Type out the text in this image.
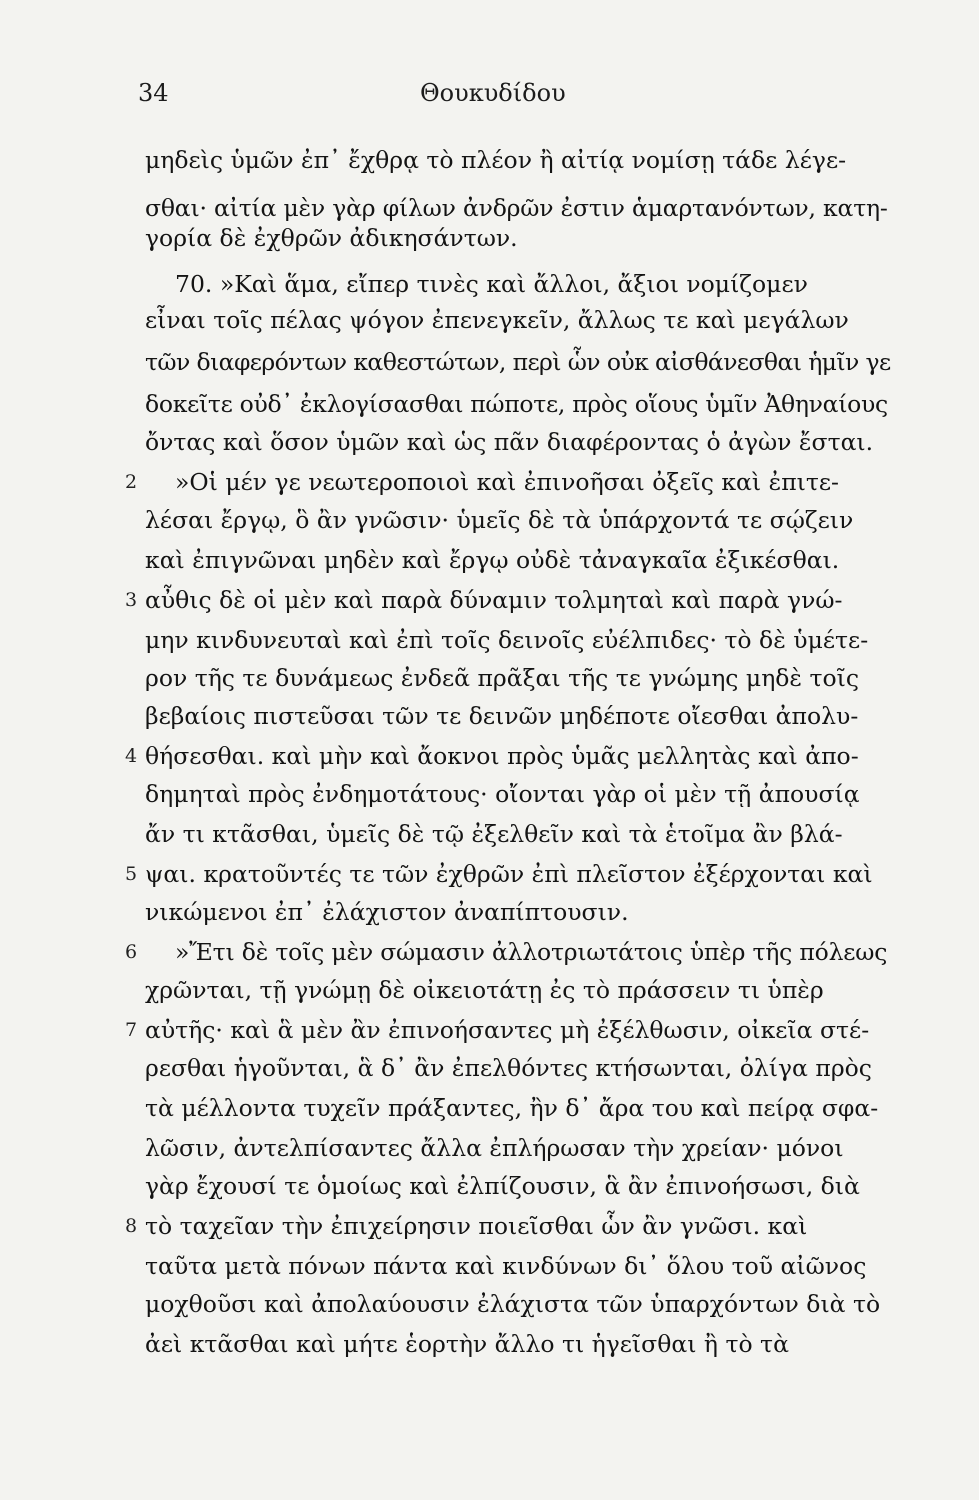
34	Θουκυδίδου
μηδεὶς ὑμῶν ἐπ᾽ ἔχθρᾳ τὸ πλέον ἢ αἰτίᾳ νομίσῃ τάδε λέγε-
σθαι· αἰτία μὲν γὰρ φίλων ἀνδρῶν ἐστιν ἁμαρτανόντων, κατη-
γορία δὲ ἐχθρῶν ἀδικησάντων.
70. »Καὶ ἅμα, εἴπερ τινὲς καὶ ἄλλοι, ἄξιοι νομίζομεν
εἶναι τοῖς πέλας ψόγον ἐπενεγκεῖν, ἄλλως τε καὶ μεγάλων
τῶν διαφερόντων καθεστώτων, περὶ ὧν οὐκ αἰσθάνεσθαι ἡμῖν γε
δοκεῖτε οὐδ᾽ ἐκλογίσασθαι πώποτε, πρὸς οἵους ὑμῖν Ἀθηναίους
ὄντας καὶ ὅσον ὑμῶν καὶ ὡς πᾶν διαφέροντας ὁ ἀγὼν ἔσται.
»Οἱ μέν γε νεωτεροποιοὶ καὶ ἐπινοῆσαι ὀξεῖς καὶ ἐπιτε-
λέσαι ἔργῳ, ὃ ἂν γνῶσιν· ὑμεῖς δὲ τὰ ὑπάρχοντά τε σῴζειν
καὶ ἐπιγνῶναι μηδὲν καὶ ἔργῳ οὐδὲ τἀναγκαῖα ἐξικέσθαι.
αὖθις δὲ οἱ μὲν καὶ παρὰ δύναμιν τολμηταὶ καὶ παρὰ γνώ-
μην κινδυνευταὶ καὶ ἐπὶ τοῖς δεινοῖς εὐέλπιδες· τὸ δὲ ὑμέτε-
ρον τῆς τε δυνάμεως ἐνδεᾶ πρᾶξαι τῆς τε γνώμης μηδὲ τοῖς
βεβαίοις πιστεῦσαι τῶν τε δεινῶν μηδέποτε οἴεσθαι ἀπολυ-
θήσεσθαι. καὶ μὴν καὶ ἄοκνοι πρὸς ὑμᾶς μελλητὰς καὶ ἀπο-
δημηταὶ πρὸς ἐνδημοτάτους· οἴονται γὰρ οἱ μὲν τῇ ἀπουσίᾳ
ἄν τι κτᾶσθαι, ὑμεῖς δὲ τῷ ἐξελθεῖν καὶ τὰ ἑτοῖμα ἂν βλά-
ψαι. κρατοῦντές τε τῶν ἐχθρῶν ἐπὶ πλεῖστον ἐξέρχονται καὶ
νικώμενοι ἐπ᾽ ἐλάχιστον ἀναπίπτουσιν.
»Ἔτι δὲ τοῖς μὲν σώμασιν ἀλλοτριωτάτοις ὑπὲρ τῆς πόλεως
χρῶνται, τῇ γνώμῃ δὲ οἰκειοτάτῃ ἐς τὸ πράσσειν τι ὑπὲρ
αὐτῆς· καὶ ἃ μὲν ἂν ἐπινοήσαντες μὴ ἐξέλθωσιν, οἰκεῖα στέ-
ρεσθαι ἡγοῦνται, ἃ δ᾽ ἂν ἐπελθόντες κτήσωνται, ὀλίγα πρὸς
τὰ μέλλοντα τυχεῖν πράξαντες, ἢν δ᾽ ἄρα του καὶ πείρᾳ σφα-
λῶσιν, ἀντελπίσαντες ἄλλα ἐπλήρωσαν τὴν χρείαν· μόνοι
γὰρ ἔχουσί τε ὁμοίως καὶ ἐλπίζουσιν, ἃ ἂν ἐπινοήσωσι, διὰ
τὸ ταχεῖαν τὴν ἐπιχείρησιν ποιεῖσθαι ὧν ἂν γνῶσι. καὶ
ταῦτα μετὰ πόνων πάντα καὶ κινδύνων δι᾽ ὅλου τοῦ αἰῶνος
μοχθοῦσι καὶ ἀπολαύουσιν ἐλάχιστα τῶν ὑπαρχόντων διὰ τὸ
ἀεὶ κτᾶσθαι καὶ μήτε ἑορτὴν ἄλλο τι ἡγεῖσθαι ἢ τὸ τὰ
2
3
4
5
6
7
8
